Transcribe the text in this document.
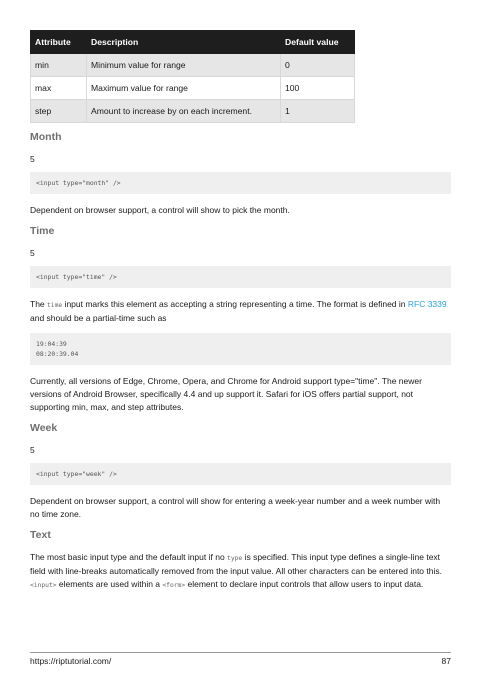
Attribute	Description	Default value
min	Minimum value for range	0
max	Maximum value for range	100
step	Amount to increase by on each increment.	1
Month

5

<input type="month" />

Dependent on browser support, a control will show to pick the month.

Time

5

<input type="time" />

The time input marks this element as accepting a string representing a time. The format is defined in RFC 3339 and should be a partial-time such as

19:04:39
08:20:39.04

Currently, all versions of Edge, Chrome, Opera, and Chrome for Android support type="time". The newer versions of Android Browser, specifically 4.4 and up support it. Safari for iOS offers partial support, not supporting min, max, and step attributes.

Week

5

<input type="week" />

Dependent on browser support, a control will show for entering a week-year number and a week number with no time zone.

Text

The most basic input type and the default input if no type is specified. This input type defines a single-line text field with line-breaks automatically removed from the input value. All other characters can be entered into this. <input> elements are used within a <form> element to declare input controls that allow users to input data.

https://riptutorial.com/	87
